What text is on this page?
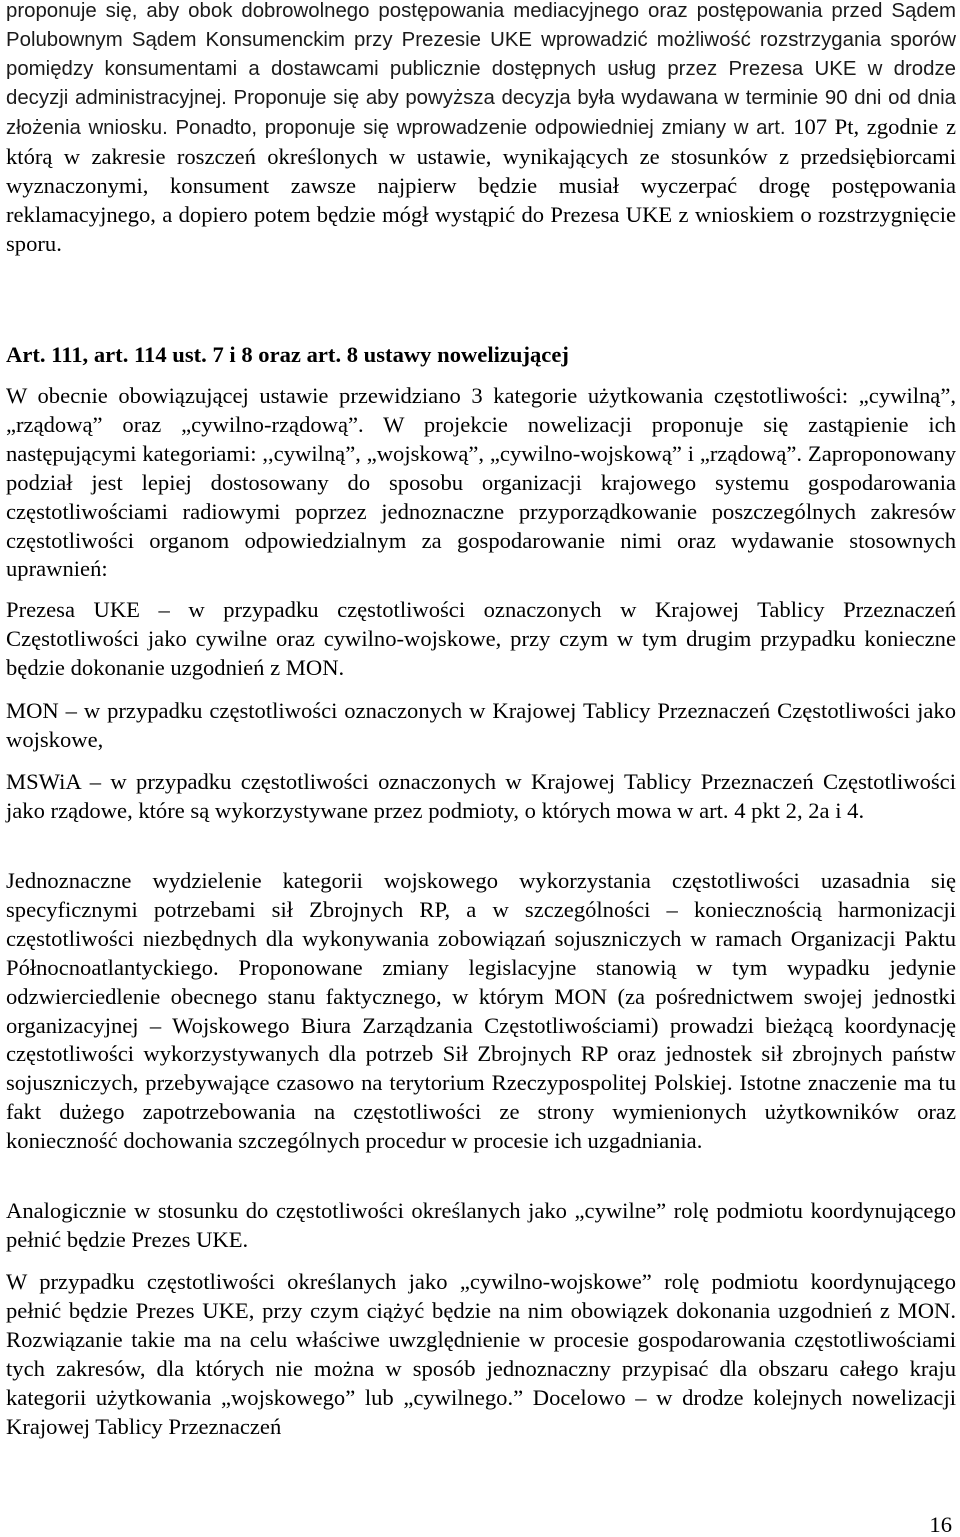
proponuje się, aby obok dobrowolnego postępowania mediacyjnego oraz postępowania przed Sądem Polubownym Sądem Konsumenckim przy Prezesie UKE wprowadzić możliwość rozstrzygania sporów pomiędzy konsumentami a dostawcami publicznie dostępnych usług przez Prezesa UKE w drodze decyzji administracyjnej. Proponuje się aby powyższa decyzja była wydawana w terminie 90 dni od dnia złożenia wniosku. Ponadto, proponuje się wprowadzenie odpowiedniej zmiany w art. 107 Pt, zgodnie z którą w zakresie roszczeń określonych w ustawie, wynikających ze stosunków z przedsiębiorcami wyznaczonymi, konsument zawsze najpierw będzie musiał wyczerpać drogę postępowania reklamacyjnego, a dopiero potem będzie mógł wystąpić do Prezesa UKE z wnioskiem o rozstrzygnięcie sporu.

Art. 111, art. 114 ust. 7 i 8 oraz art. 8 ustawy nowelizującej

W obecnie obowiązującej ustawie przewidziano 3 kategorie użytkowania częstotliwości: „cywilną”, „rządową” oraz „cywilno-rządową”. W projekcie nowelizacji proponuje się zastąpienie ich następującymi kategoriami: ,,cywilną”, „wojskową”, „cywilno-wojskową” i „rządową”. Zaproponowany podział jest lepiej dostosowany do sposobu organizacji krajowego systemu gospodarowania częstotliwościami radiowymi poprzez jednoznaczne przyporządkowanie poszczególnych zakresów częstotliwości organom odpowiedzialnym za gospodarowanie nimi oraz wydawanie stosownych uprawnień:

Prezesa UKE – w przypadku częstotliwości oznaczonych w Krajowej Tablicy Przeznaczeń Częstotliwości jako cywilne oraz cywilno-wojskowe, przy czym w tym drugim przypadku konieczne będzie dokonanie uzgodnień z MON.

MON – w przypadku częstotliwości oznaczonych w Krajowej Tablicy Przeznaczeń Częstotliwości jako wojskowe,

MSWiA – w przypadku częstotliwości oznaczonych w Krajowej Tablicy Przeznaczeń Częstotliwości jako rządowe, które są wykorzystywane przez podmioty, o których mowa w art. 4 pkt 2, 2a i 4.

Jednoznaczne wydzielenie kategorii wojskowego wykorzystania częstotliwości uzasadnia się specyficznymi potrzebami sił Zbrojnych RP, a w szczególności – koniecznością harmonizacji częstotliwości niezbędnych dla wykonywania zobowiązań sojuszniczych w ramach Organizacji Paktu Północnoatlantyckiego. Proponowane zmiany legislacyjne stanowią w tym wypadku jedynie odzwierciedlenie obecnego stanu faktycznego, w którym MON (za pośrednictwem swojej jednostki organizacyjnej – Wojskowego Biura Zarządzania Częstotliwościami) prowadzi bieżącą koordynację częstotliwości wykorzystywanych dla potrzeb Sił Zbrojnych RP oraz jednostek sił zbrojnych państw sojuszniczych, przebywające czasowo na terytorium Rzeczypospolitej Polskiej. Istotne znaczenie ma tu fakt dużego zapotrzebowania na częstotliwości ze strony wymienionych użytkowników oraz konieczność dochowania szczególnych procedur w procesie ich uzgadniania.

Analogicznie w stosunku do częstotliwości określanych jako „cywilne” rolę podmiotu koordynującego pełnić będzie Prezes UKE.

W przypadku częstotliwości określanych jako „cywilno-wojskowe” rolę podmiotu koordynującego pełnić będzie Prezes UKE, przy czym ciążyć będzie na nim obowiązek dokonania uzgodnień z MON. Rozwiązanie takie ma na celu właściwe uwzględnienie w procesie gospodarowania częstotliwościami tych zakresów, dla których nie można w sposób jednoznaczny przypisać dla obszaru całego kraju kategorii użytkowania „wojskowego” lub „cywilnego.” Docelowo – w drodze kolejnych nowelizacji Krajowej Tablicy Przeznaczeń

16
